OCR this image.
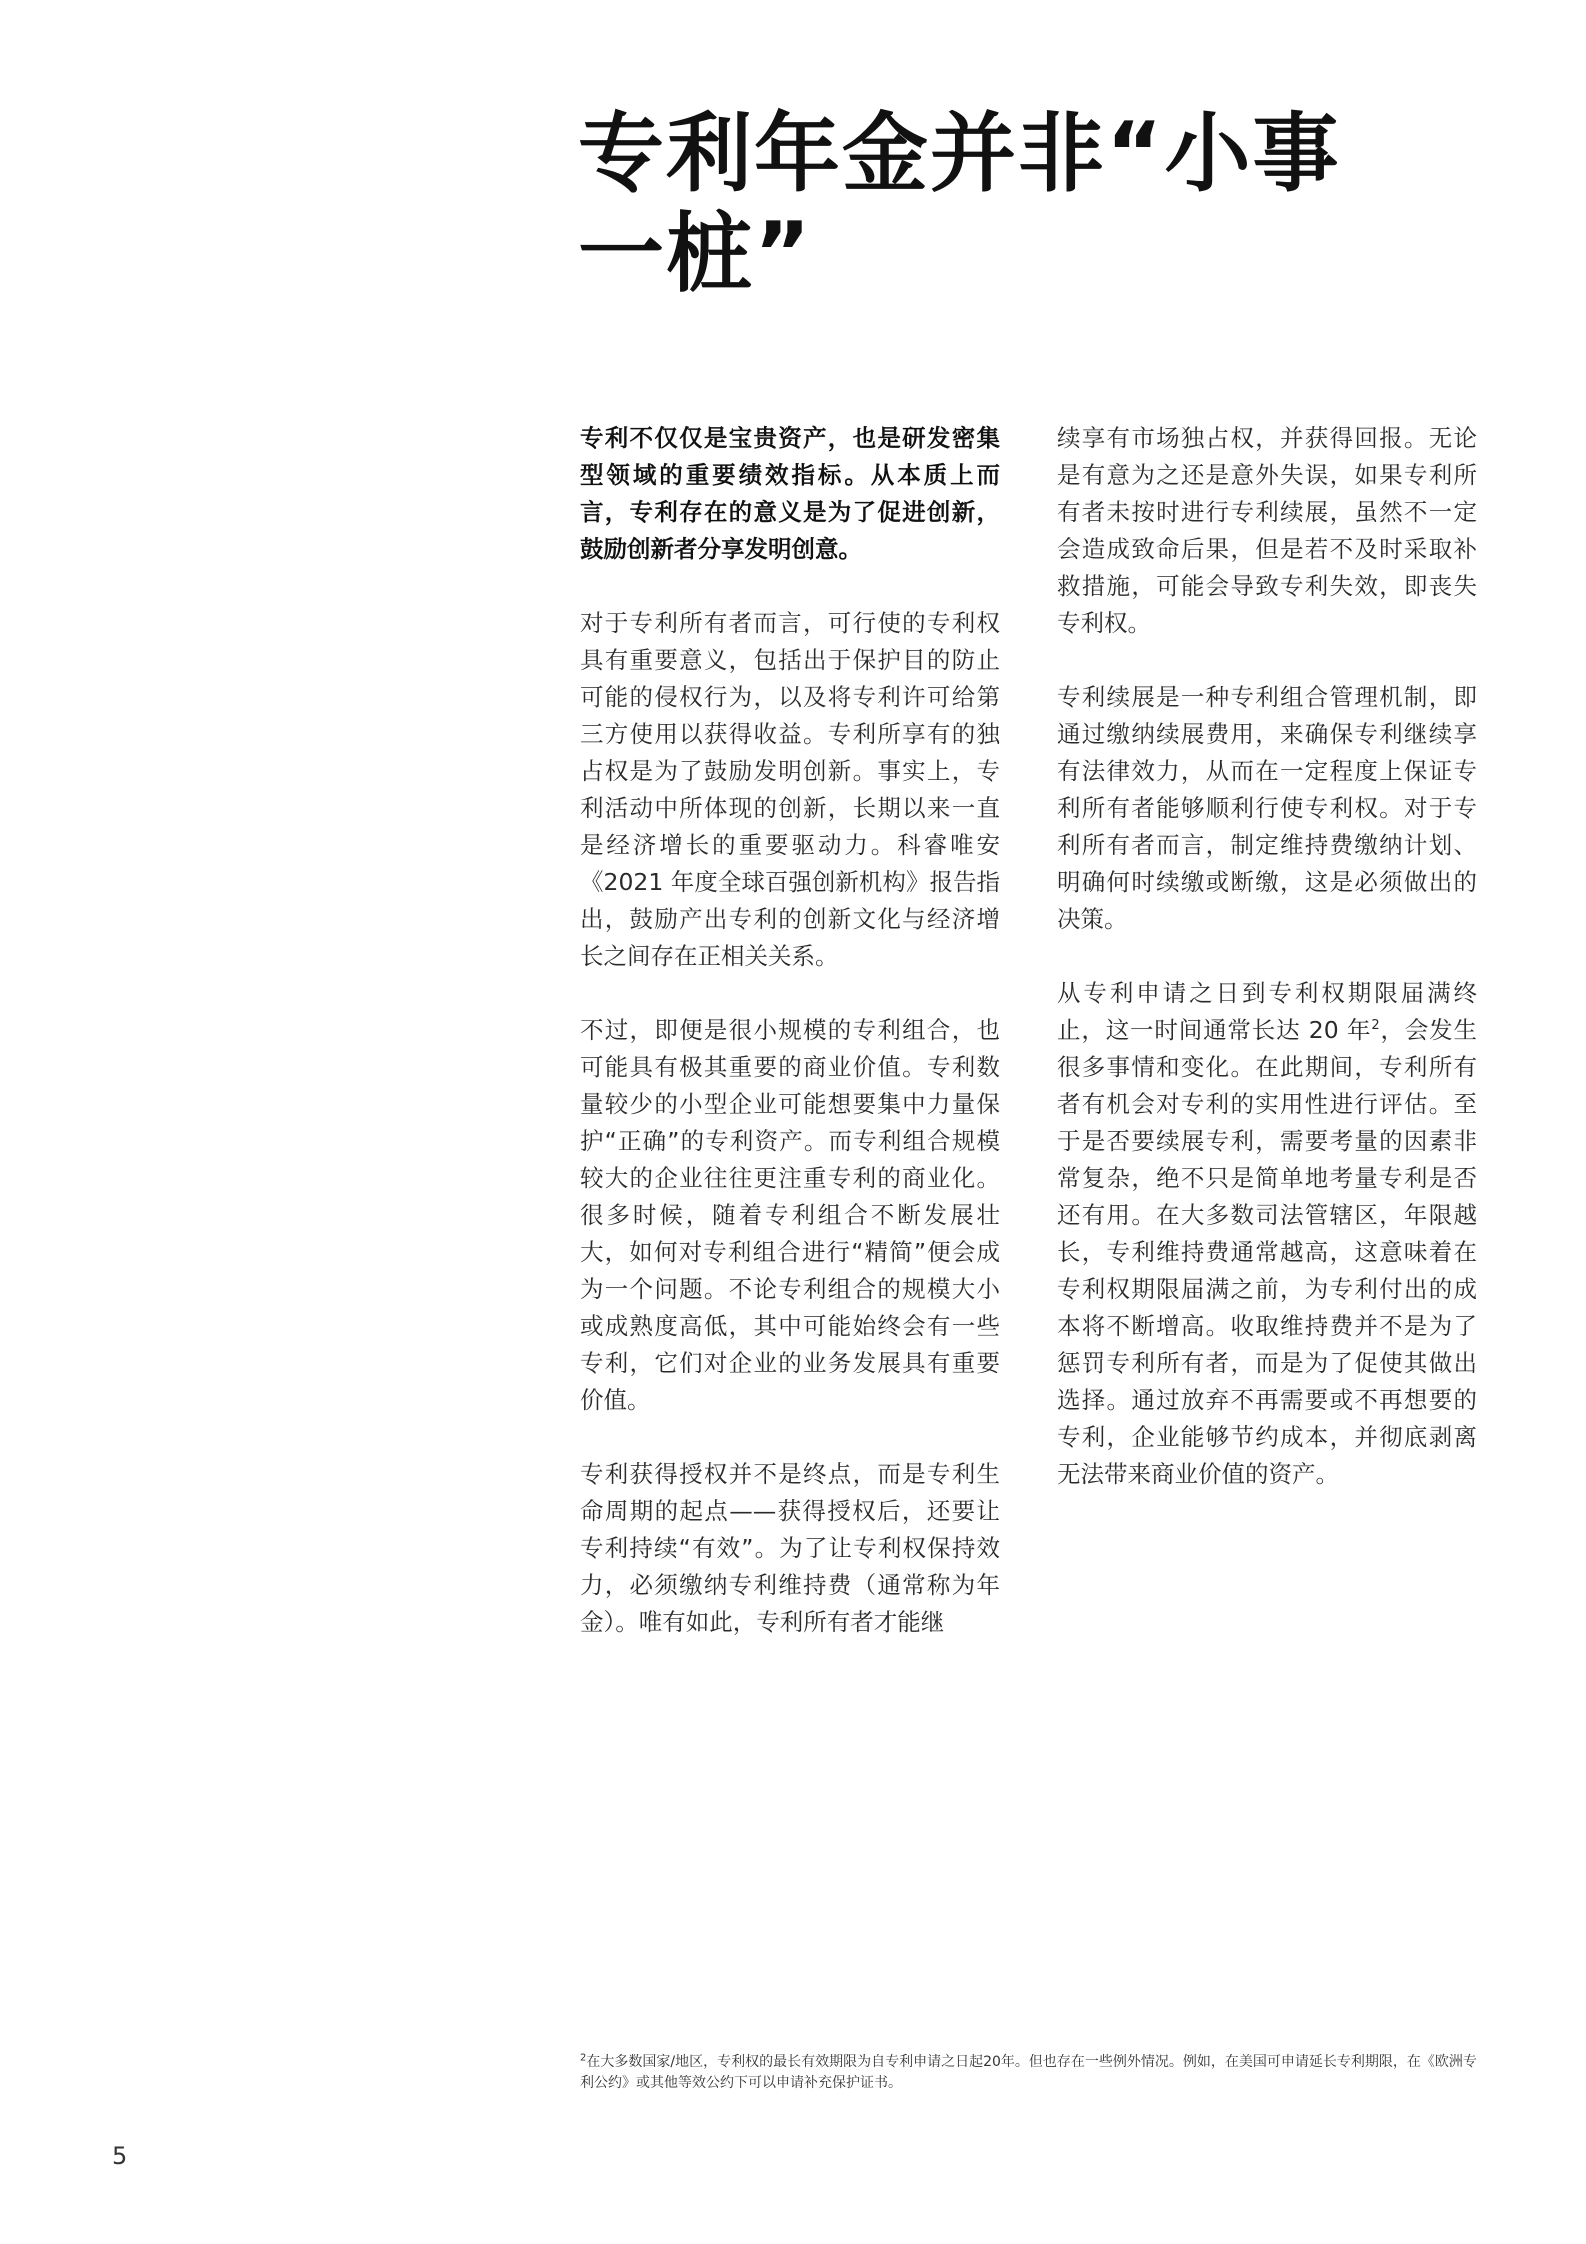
专利年金并非“小事
一桩”

专利不仅仅是宝贵资产，也是研发密集型领域的重要绩效指标。从本质上而言，专利存在的意义是为了促进创新，鼓励创新者分享发明创意。

对于专利所有者而言，可行使的专利权具有重要意义，包括出于保护目的防止可能的侵权行为，以及将专利许可给第三方使用以获得收益。专利所享有的独占权是为了鼓励发明创新。事实上，专利活动中所体现的创新，长期以来一直是经济增长的重要驱动力。科睿唯安《2021 年度全球百强创新机构》报告指出，鼓励产出专利的创新文化与经济增长之间存在正相关关系。

不过，即便是很小规模的专利组合，也可能具有极其重要的商业价值。专利数量较少的小型企业可能想要集中力量保护“正确”的专利资产。而专利组合规模较大的企业往往更注重专利的商业化。很多时候，随着专利组合不断发展壮大，如何对专利组合进行“精简”便会成为一个问题。不论专利组合的规模大小或成熟度高低，其中可能始终会有一些专利，它们对企业的业务发展具有重要价值。

专利获得授权并不是终点，而是专利生命周期的起点——获得授权后，还要让专利持续“有效”。为了让专利权保持效力，必须缴纳专利维持费（通常称为年金）。唯有如此，专利所有者才能继

续享有市场独占权，并获得回报。无论是有意为之还是意外失误，如果专利所有者未按时进行专利续展，虽然不一定会造成致命后果，但是若不及时采取补救措施，可能会导致专利失效，即丧失专利权。

专利续展是一种专利组合管理机制，即通过缴纳续展费用，来确保专利继续享有法律效力，从而在一定程度上保证专利所有者能够顺利行使专利权。对于专利所有者而言，制定维持费缴纳计划、明确何时续缴或断缴，这是必须做出的决策。

从专利申请之日到专利权期限届满终止，这一时间通常长达 20 年$^2$，会发生很多事情和变化。在此期间，专利所有者有机会对专利的实用性进行评估。至于是否要续展专利，需要考量的因素非常复杂，绝不只是简单地考量专利是否还有用。在大多数司法管辖区，年限越长，专利维持费通常越高，这意味着在专利权期限届满之前，为专利付出的成本将不断增高。收取维持费并不是为了惩罚专利所有者，而是为了促使其做出选择。通过放弃不再需要或不再想要的专利，企业能够节约成本，并彻底剥离无法带来商业价值的资产。

$^2$在大多数国家/地区，专利权的最长有效期限为自专利申请之日起20年。但也存在一些例外情况。例如，在美国可申请延长专利期限，在《欧洲专利公约》或其他等效公约下可以申请补充保护证书。
5
